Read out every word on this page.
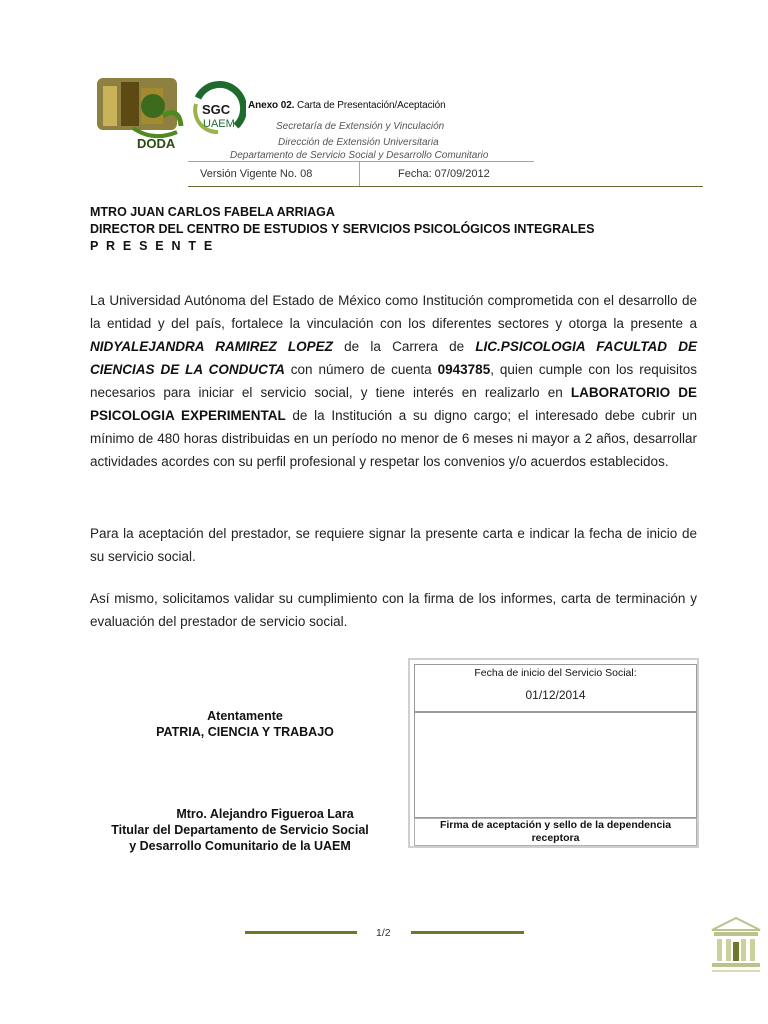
DODA
SGC
UAEM
Anexo 02. Carta de Presentación/Aceptación
Secretaría de Extensión y Vinculación
Dirección de Extensión Universitaria
Departamento de Servicio Social y Desarrollo Comunitario
Versión Vigente No. 08	Fecha: 07/09/2012
MTRO JUAN CARLOS FABELA ARRIAGA
DIRECTOR DEL CENTRO DE ESTUDIOS Y SERVICIOS PSICOLÓGICOS INTEGRALES
P R E S E N T E
La Universidad Autónoma del Estado de México como Institución comprometida con el desarrollo de la entidad y del país, fortalece la vinculación con los diferentes sectores y otorga la presente a NIDYALEJANDRA RAMIREZ LOPEZ de la Carrera de LIC.PSICOLOGIA FACULTAD DE CIENCIAS DE LA CONDUCTA con número de cuenta 0943785, quien cumple con los requisitos necesarios para iniciar el servicio social, y tiene interés en realizarlo en LABORATORIO DE PSICOLOGIA EXPERIMENTAL de la Institución a su digno cargo; el interesado debe cubrir un mínimo de 480 horas distribuidas en un período no menor de 6 meses ni mayor a 2 años, desarrollar actividades acordes con su perfil profesional y respetar los convenios y/o acuerdos establecidos.
Para la aceptación del prestador, se requiere signar la presente carta e indicar la fecha de inicio de su servicio social.
Así mismo, solicitamos validar su cumplimiento con la firma de los informes, carta de terminación y evaluación del prestador de servicio social.
Atentamente
PATRIA, CIENCIA Y TRABAJO
Mtro. Alejandro Figueroa Lara
Titular del Departamento de Servicio Social
y Desarrollo Comunitario de la UAEM
Fecha de inicio del Servicio Social:
01/12/2014
Firma de aceptación y sello de la dependencia
receptora
1/2
